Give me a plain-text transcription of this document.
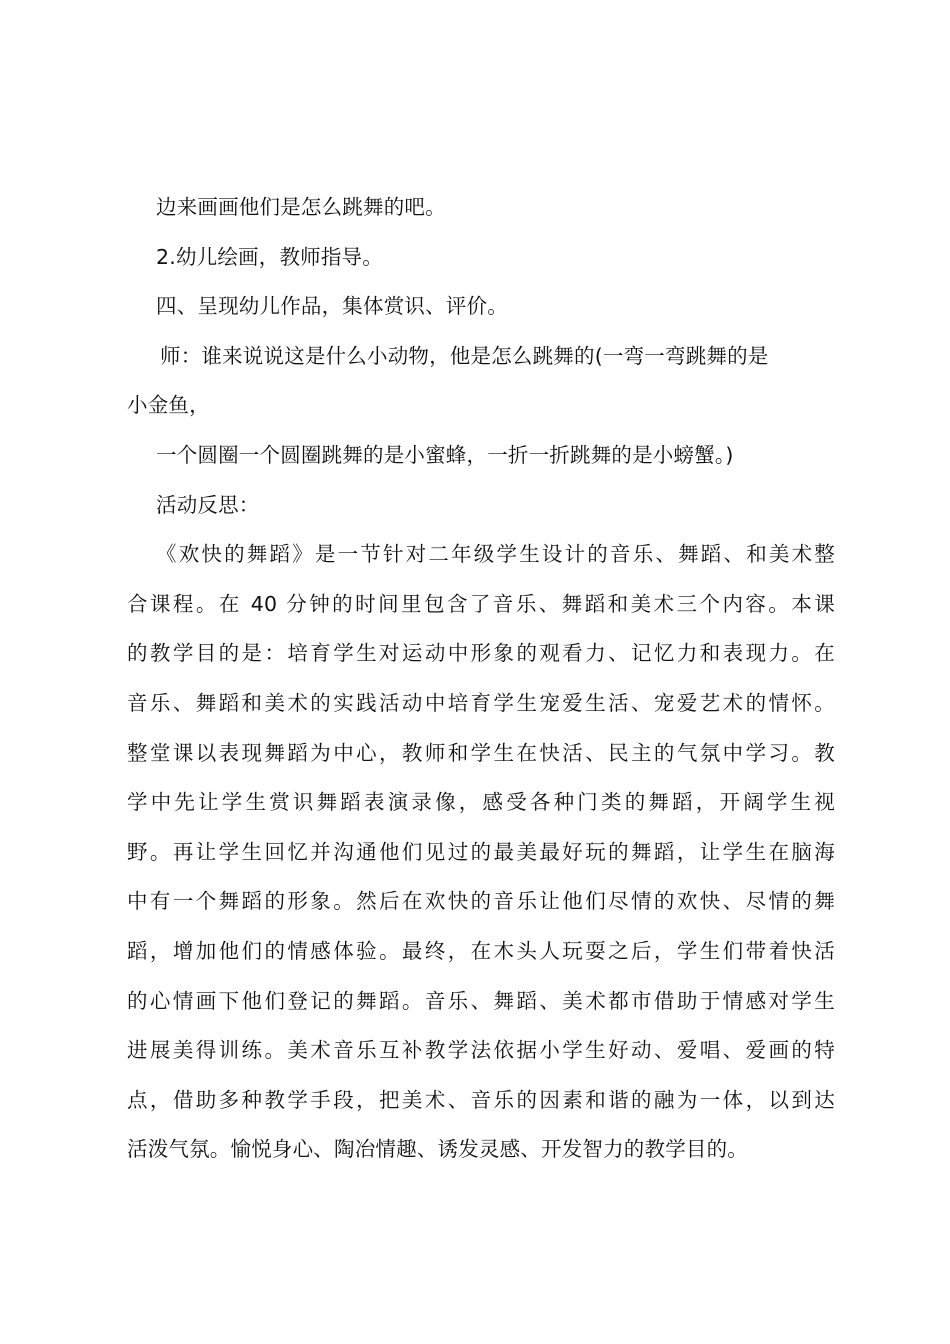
边来画画他们是怎么跳舞的吧。
2.幼儿绘画，教师指导。
四、呈现幼儿作品，集体赏识、评价。
师：谁来说说这是什么小动物，他是怎么跳舞的(一弯一弯跳舞的是
小金鱼，
一个圆圈一个圆圈跳舞的是小蜜蜂，一折一折跳舞的是小螃蟹。)
活动反思：
《欢快的舞蹈》是一节针对二年级学生设计的音乐、舞蹈、和美术整
合课程。在 40 分钟的时间里包含了音乐、舞蹈和美术三个内容。本课
的教学目的是：培育学生对运动中形象的观看力、记忆力和表现力。在
音乐、舞蹈和美术的实践活动中培育学生宠爱生活、宠爱艺术的情怀。
整堂课以表现舞蹈为中心，教师和学生在快活、民主的气氛中学习。教
学中先让学生赏识舞蹈表演录像，感受各种门类的舞蹈，开阔学生视
野。再让学生回忆并沟通他们见过的最美最好玩的舞蹈，让学生在脑海
中有一个舞蹈的形象。然后在欢快的音乐让他们尽情的欢快、尽情的舞
蹈，增加他们的情感体验。最终，在木头人玩耍之后，学生们带着快活
的心情画下他们登记的舞蹈。音乐、舞蹈、美术都市借助于情感对学生
进展美得训练。美术音乐互补教学法依据小学生好动、爱唱、爱画的特
点，借助多种教学手段，把美术、音乐的因素和谐的融为一体，以到达
活泼气氛。愉悦身心、陶冶情趣、诱发灵感、开发智力的教学目的。
